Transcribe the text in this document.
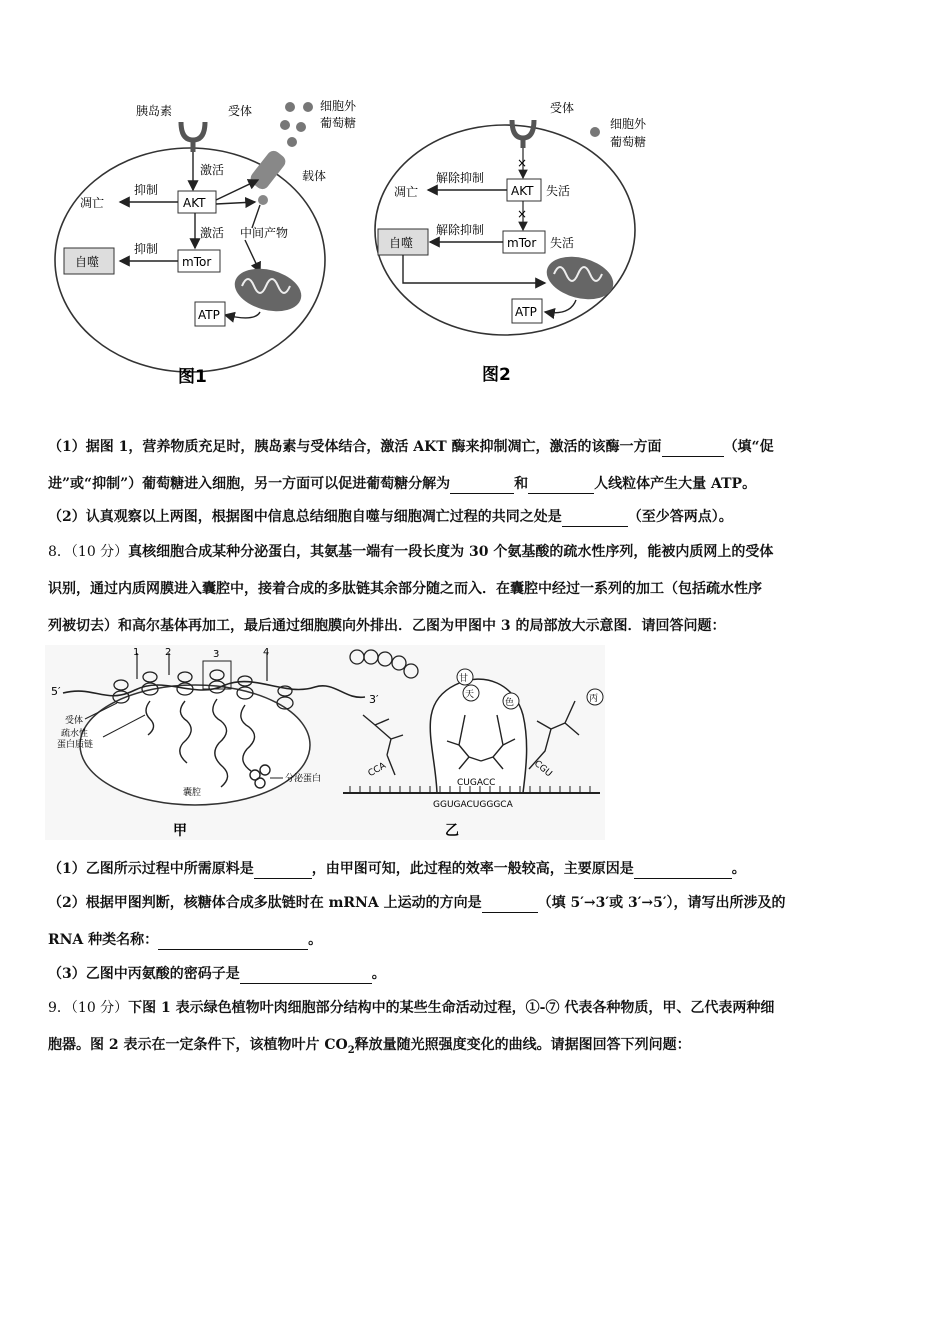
胰岛素	受体	细胞外
葡萄糖
载体
激活
AKT
抑制
凋亡
激活 中间产物
mTor
抑制
自噬
ATP
图1
受体
细胞外
葡萄糖
×
AKT 失活
解除抑制
凋亡
×
mTor 失活
解除抑制
自噬
ATP
图2
（1）据图 1，营养物质充足时，胰岛素与受体结合，激活 AKT 酶来抑制凋亡，激活的该酶一方面	（填“促
进”或“抑制”）葡萄糖进入细胞，另一方面可以促进葡萄糖分解为	和	人线粒体产生大量 ATP。
（2）认真观察以上两图，根据图中信息总结细胞自噬与细胞凋亡过程的共同之处是	（至少答两点）。
8．（10 分）真核细胞合成某种分泌蛋白，其氨基一端有一段长度为 30 个氨基酸的疏水性序列，能被内质网上的受体
识别，通过内质网膜进入囊腔中，接着合成的多肽链其余部分随之而入．在囊腔中经过一系列的加工（包括疏水性序
列被切去）和高尔基体再加工，最后通过细胞膜向外排出．乙图为甲图中 3 的局部放大示意图．请回答问题：
5′
3′
1	2	3	4
受体
疏水性
蛋白质链
囊腔
分泌蛋白
甲
甘
天
色	丙
CCA
CUGACC
CGU
GGUGACUGGGCA
乙
（1）乙图所示过程中所需原料是	，由甲图可知，此过程的效率一般较高，主要原因是	。
（2）根据甲图判断，核糖体合成多肽链时在 mRNA 上运动的方向是	（填 5′→3′或 3′→5′），请写出所涉及的
RNA 种类名称：	。
（3）乙图中丙氨酸的密码子是	。
9．（10 分）下图 1 表示绿色植物叶肉细胞部分结构中的某些生命活动过程，①-⑦ 代表各种物质，甲、乙代表两种细
胞器。图 2 表示在一定条件下，该植物叶片 $CO_2$释放量随光照强度变化的曲线。请据图回答下列问题：
